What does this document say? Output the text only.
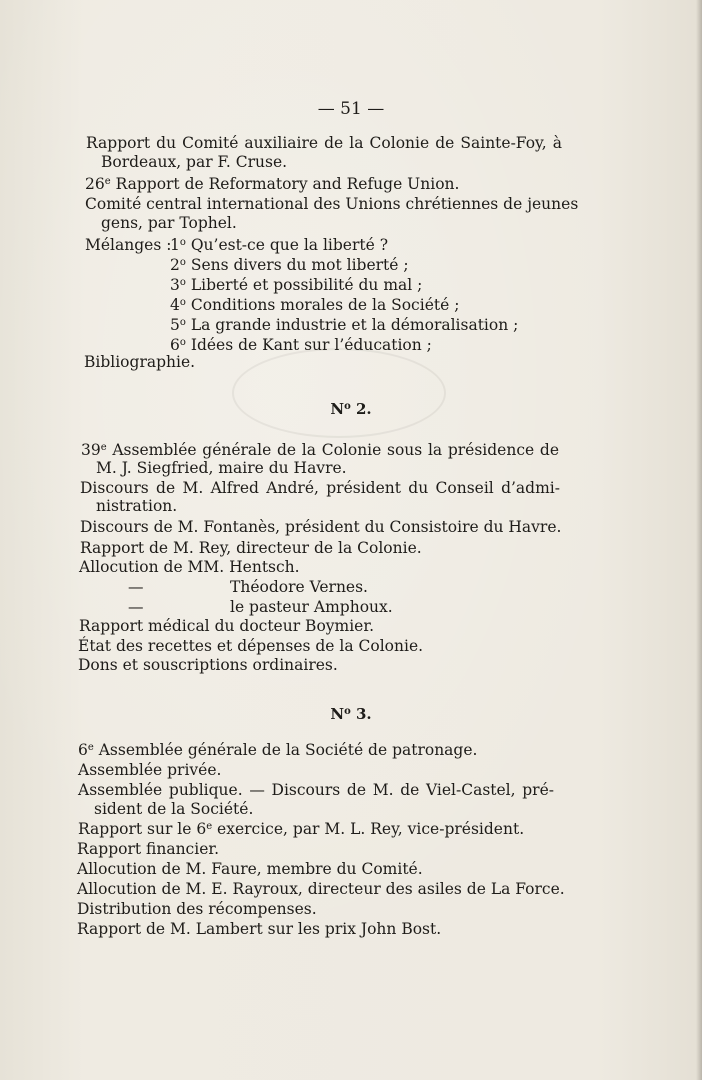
— 51 —
Rapport du Comité auxiliaire de la Colonie de Sainte-Foy, à
Bordeaux, par F. Cruse.
26e Rapport de Reformatory and Refuge Union.
Comité central international des Unions chrétiennes de jeunes
gens, par Tophel.
Mélanges :
1$^o$ Qu’est-ce que la liberté ?
2$^o$ Sens divers du mot liberté ;
3$^o$ Liberté et possibilité du mal ;
4$^o$ Conditions morales de la Société ;
5$^o$ La grande industrie et la démoralisation ;
6$^o$ Idées de Kant sur l’éducation ;
Bibliographie.
$N^o$ 2.
39e Assemblée générale de la Colonie sous la présidence de
M. J. Siegfried, maire du Havre.
Discours de M. Alfred André, président du Conseil d’admi-
nistration.
Discours de M. Fontanès, président du Consistoire du Havre.
Rapport de M. Rey, directeur de la Colonie.
Allocution de MM. Hentsch.
—	Théodore Vernes.
—	le pasteur Amphoux.
Rapport médical du docteur Boymier.
État des recettes et dépenses de la Colonie.
Dons et souscriptions ordinaires.
$N^o$ 3.
6e Assemblée générale de la Société de patronage.
Assemblée privée.
Assemblée publique. — Discours de M. de Viel-Castel, pré-
sident de la Société.
Rapport sur le 6e exercice, par M. L. Rey, vice-président.
Rapport financier.
Allocution de M. Faure, membre du Comité.
Allocution de M. E. Rayroux, directeur des asiles de La Force.
Distribution des récompenses.
Rapport de M. Lambert sur les prix John Bost.
